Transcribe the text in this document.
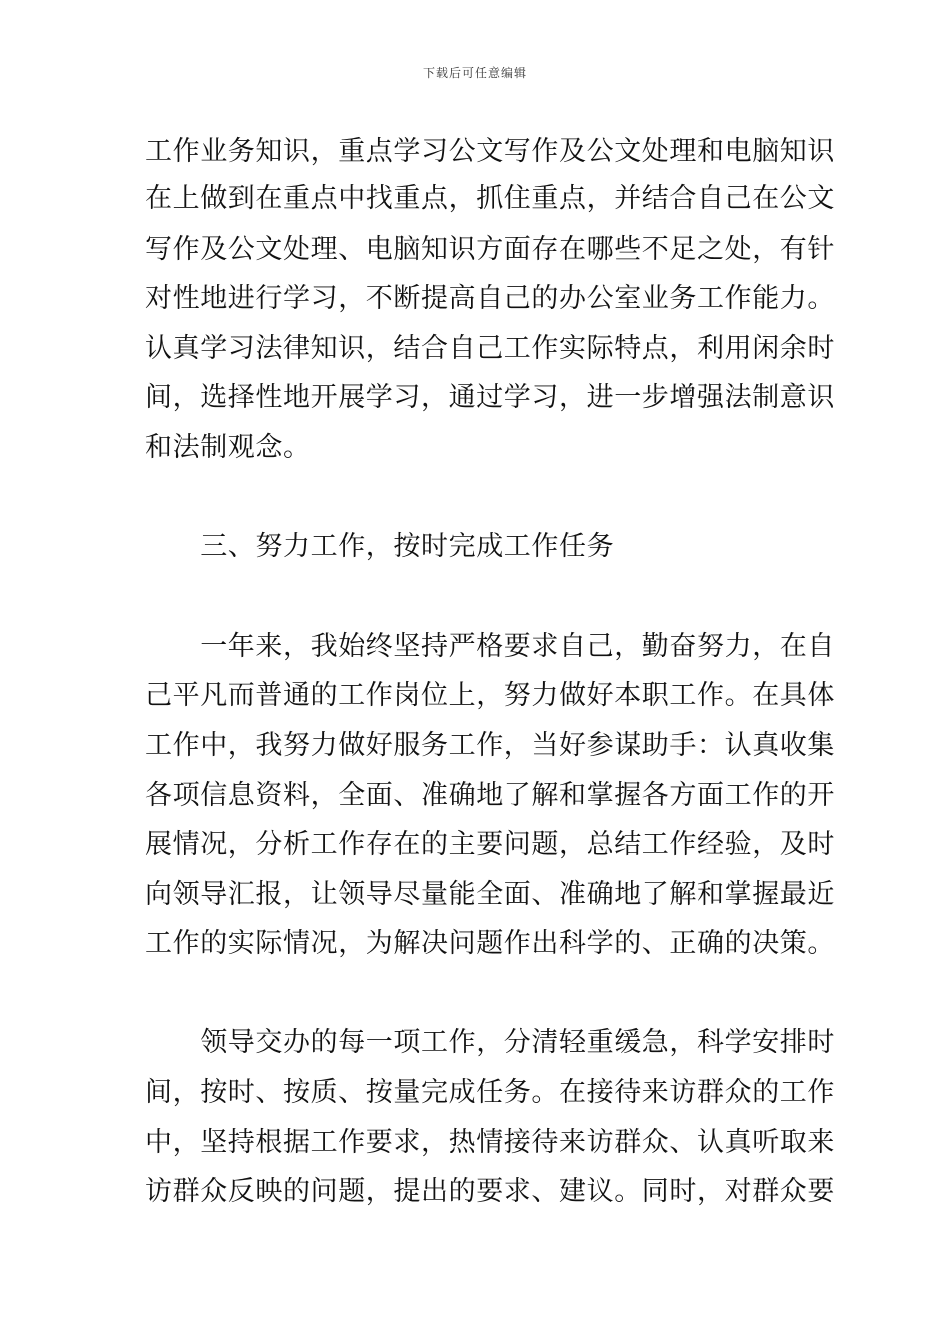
下载后可任意编辑
工作业务知识，重点学习公文写作及公文处理和电脑知识
在上做到在重点中找重点，抓住重点，并结合自己在公文
写作及公文处理、电脑知识方面存在哪些不足之处，有针
对性地进行学习，不断提高自己的办公室业务工作能力。
认真学习法律知识，结合自己工作实际特点，利用闲余时
间，选择性地开展学习，通过学习，进一步增强法制意识
和法制观念。
　　三、努力工作，按时完成工作任务
　　一年来，我始终坚持严格要求自己，勤奋努力，在自
己平凡而普通的工作岗位上，努力做好本职工作。在具体
工作中，我努力做好服务工作，当好参谋助手：认真收集
各项信息资料，全面、准确地了解和掌握各方面工作的开
展情况，分析工作存在的主要问题，总结工作经验，及时
向领导汇报，让领导尽量能全面、准确地了解和掌握最近
工作的实际情况，为解决问题作出科学的、正确的决策。
　　领导交办的每一项工作，分清轻重缓急，科学安排时
间，按时、按质、按量完成任务。在接待来访群众的工作
中，坚持根据工作要求，热情接待来访群众、认真听取来
访群众反映的问题，提出的要求、建议。同时，对群众要
